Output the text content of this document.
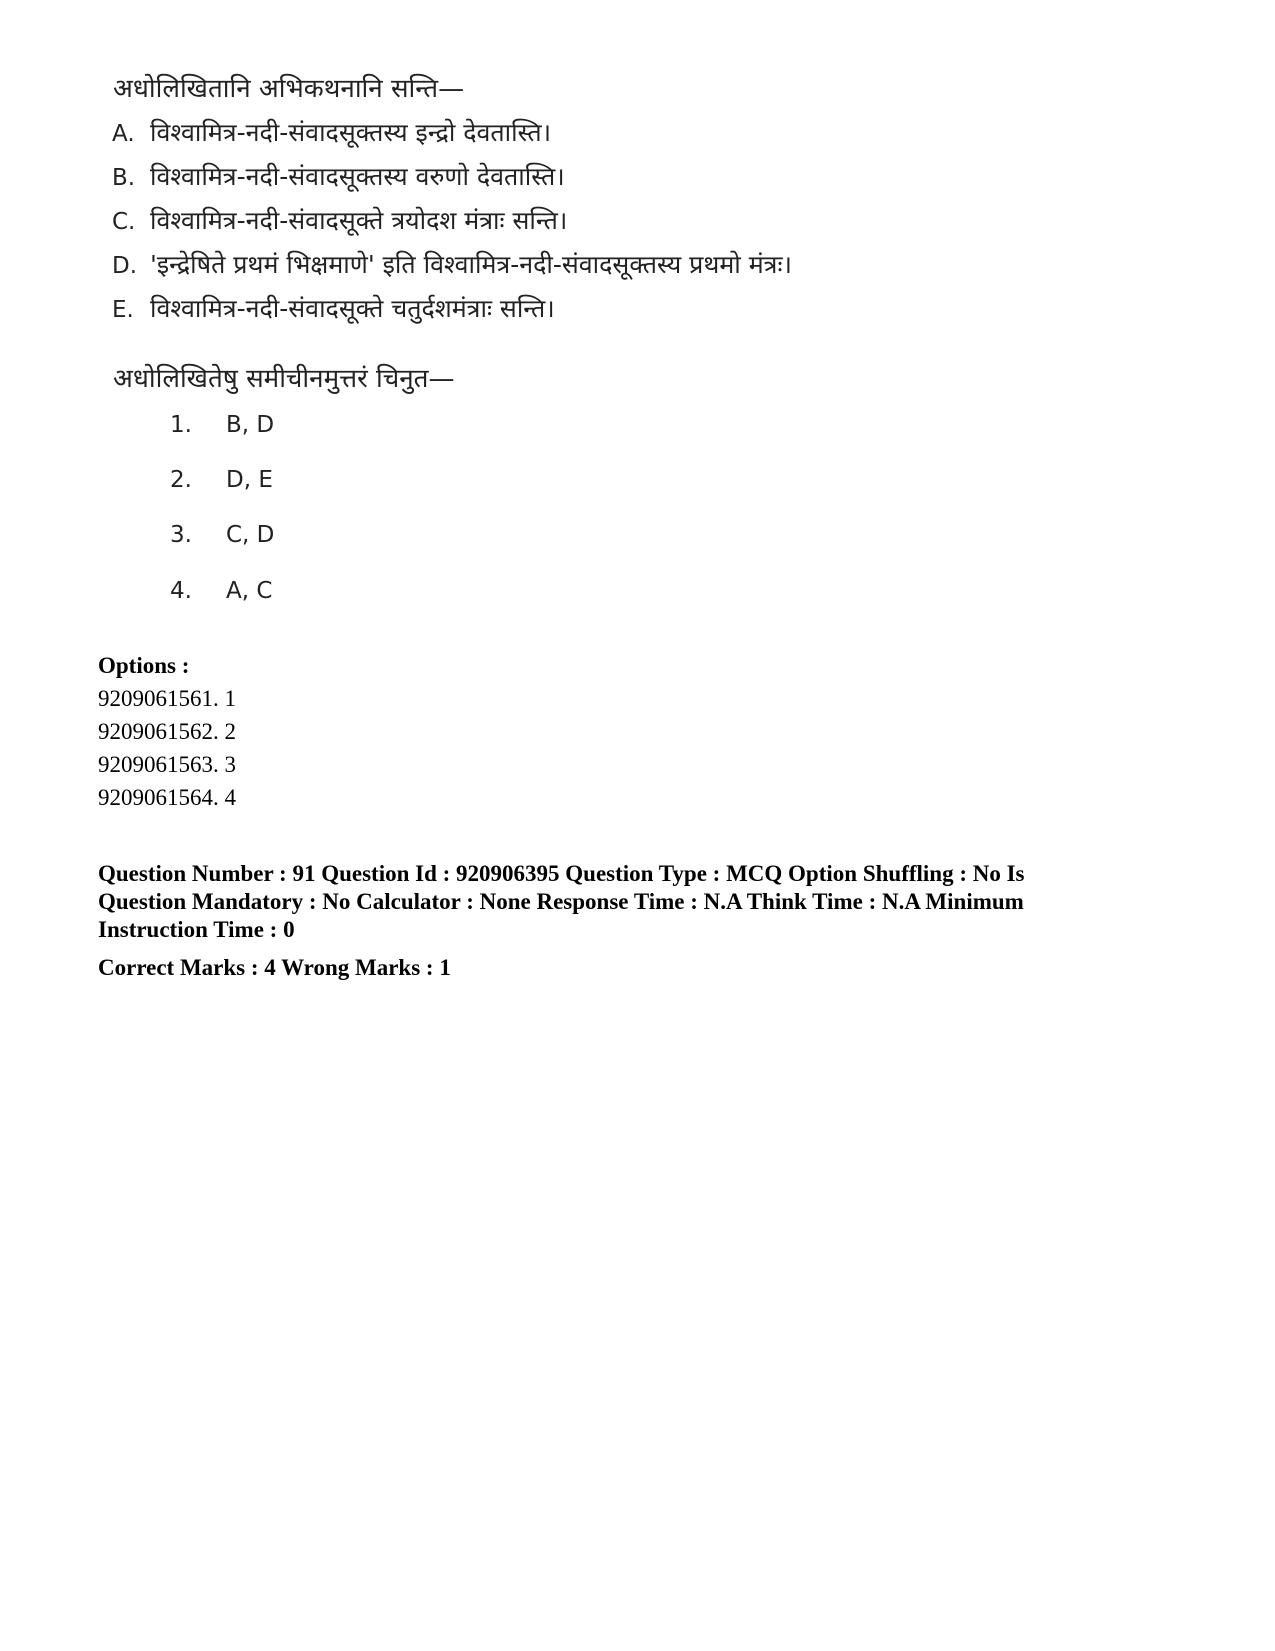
अधोलिखितानि अभिकथनानि सन्ति—
A. विश्वामित्र-नदी-संवादसूक्तस्य इन्द्रो देवतास्ति।
B. विश्वामित्र-नदी-संवादसूक्तस्य वरुणो देवतास्ति।
C. विश्वामित्र-नदी-संवादसूक्ते त्रयोदश मंत्राः सन्ति।
D. 'इन्द्रेषिते प्रथमं भिक्षमाणे' इति विश्वामित्र-नदी-संवादसूक्तस्य प्रथमो मंत्रः।
E. विश्वामित्र-नदी-संवादसूक्ते चतुर्दशमंत्राः सन्ति।
अधोलिखितेषु समीचीनमुत्तरं चिनुत—
1. B, D
2. D, E
3. C, D
4. A, C
Options :
9209061561. 1
9209061562. 2
9209061563. 3
9209061564. 4
Question Number : 91 Question Id : 920906395 Question Type : MCQ Option Shuffling : No Is Question Mandatory : No Calculator : None Response Time : N.A Think Time : N.A Minimum Instruction Time : 0
Correct Marks : 4 Wrong Marks : 1
